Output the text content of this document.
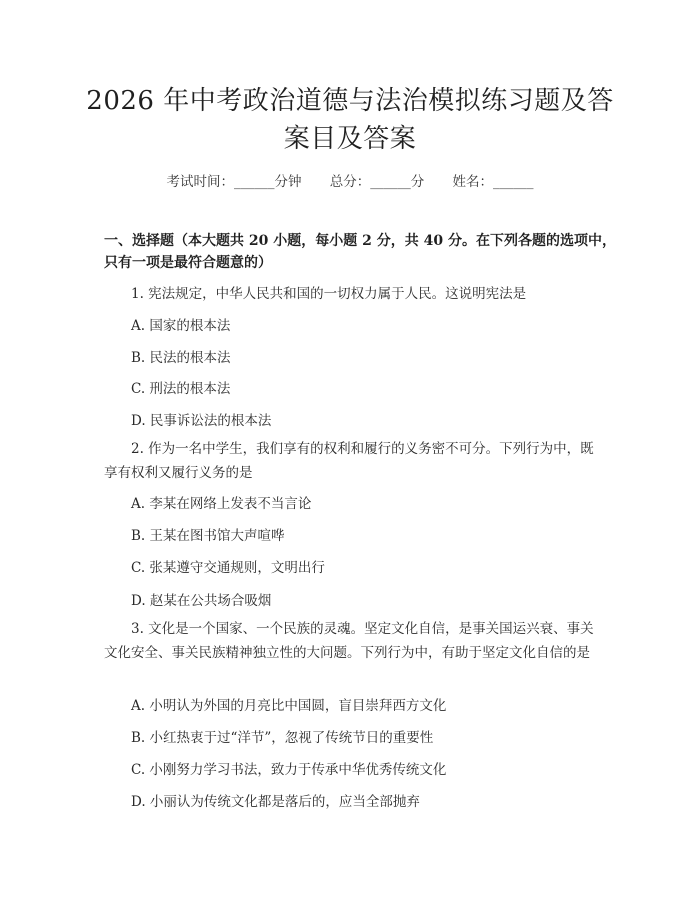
2026 年中考政治道德与法治模拟练习题及答
案目及答案
考试时间：______分钟 总分：______分 姓名：______
一、选择题（本大题共 20 小题，每小题 2 分，共 40 分。在下列各题的选项中，只有一项是最符合题意的）
1. 宪法规定，中华人民共和国的一切权力属于人民。这说明宪法是
A. 国家的根本法
B. 民法的根本法
C. 刑法的根本法
D. 民事诉讼法的根本法
2. 作为一名中学生，我们享有的权利和履行的义务密不可分。下列行为中，既享有权利又履行义务的是
A. 李某在网络上发表不当言论
B. 王某在图书馆大声喧哗
C. 张某遵守交通规则，文明出行
D. 赵某在公共场合吸烟
3. 文化是一个国家、一个民族的灵魂。坚定文化自信，是事关国运兴衰、事关文化安全、事关民族精神独立性的大问题。下列行为中，有助于坚定文化自信的是
A. 小明认为外国的月亮比中国圆，盲目崇拜西方文化
B. 小红热衷于过“洋节”，忽视了传统节日的重要性
C. 小刚努力学习书法，致力于传承中华优秀传统文化
D. 小丽认为传统文化都是落后的，应当全部抛弃
